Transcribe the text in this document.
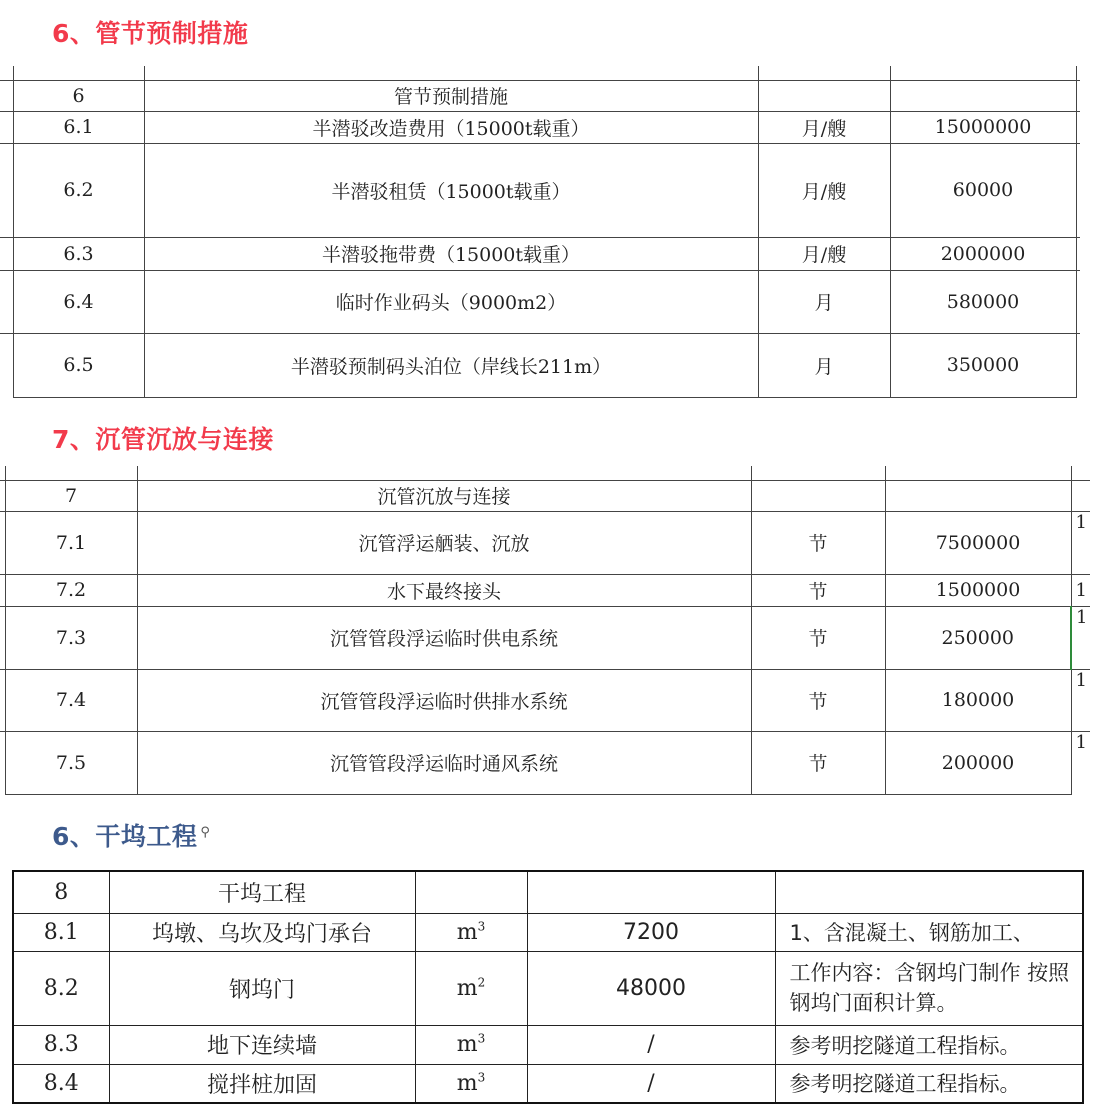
6、管节预制措施

	6	管节预制措施			
	6.1	半潜驳改造费用（15000t载重）	月/艘	15000000	
	6.2	半潜驳租赁（15000t载重）	月/艘	60000	
	6.3	半潜驳拖带费（15000t载重）	月/艘	2000000	
	6.4	临时作业码头（9000m2）	月	580000	
	6.5	半潜驳预制码头泊位（岸线长211m）	月	350000	
7、沉管沉放与连接

	7	沉管沉放与连接			
	7.1	沉管浮运舾装、沉放	节	7500000	1
	7.2	水下最终接头	节	1500000	1
	7.3	沉管管段浮运临时供电系统	节	250000	1
	7.4	沉管管段浮运临时供排水系统	节	180000	1
	7.5	沉管管段浮运临时通风系统	节	200000	1
6、干坞工程 ⚲
8	干坞工程			
8.1	坞墩、乌坎及坞门承台	$m^3$	7200	1、含混凝土、钢筋加工、
8.2	钢坞门	$m^2$	48000	工作内容：含钢坞门制作 按照钢坞门面积计算。
8.3	地下连续墙	$m^3$	/	参考明挖隧道工程指标。
8.4	搅拌桩加固	$m^3$	/	参考明挖隧道工程指标。
